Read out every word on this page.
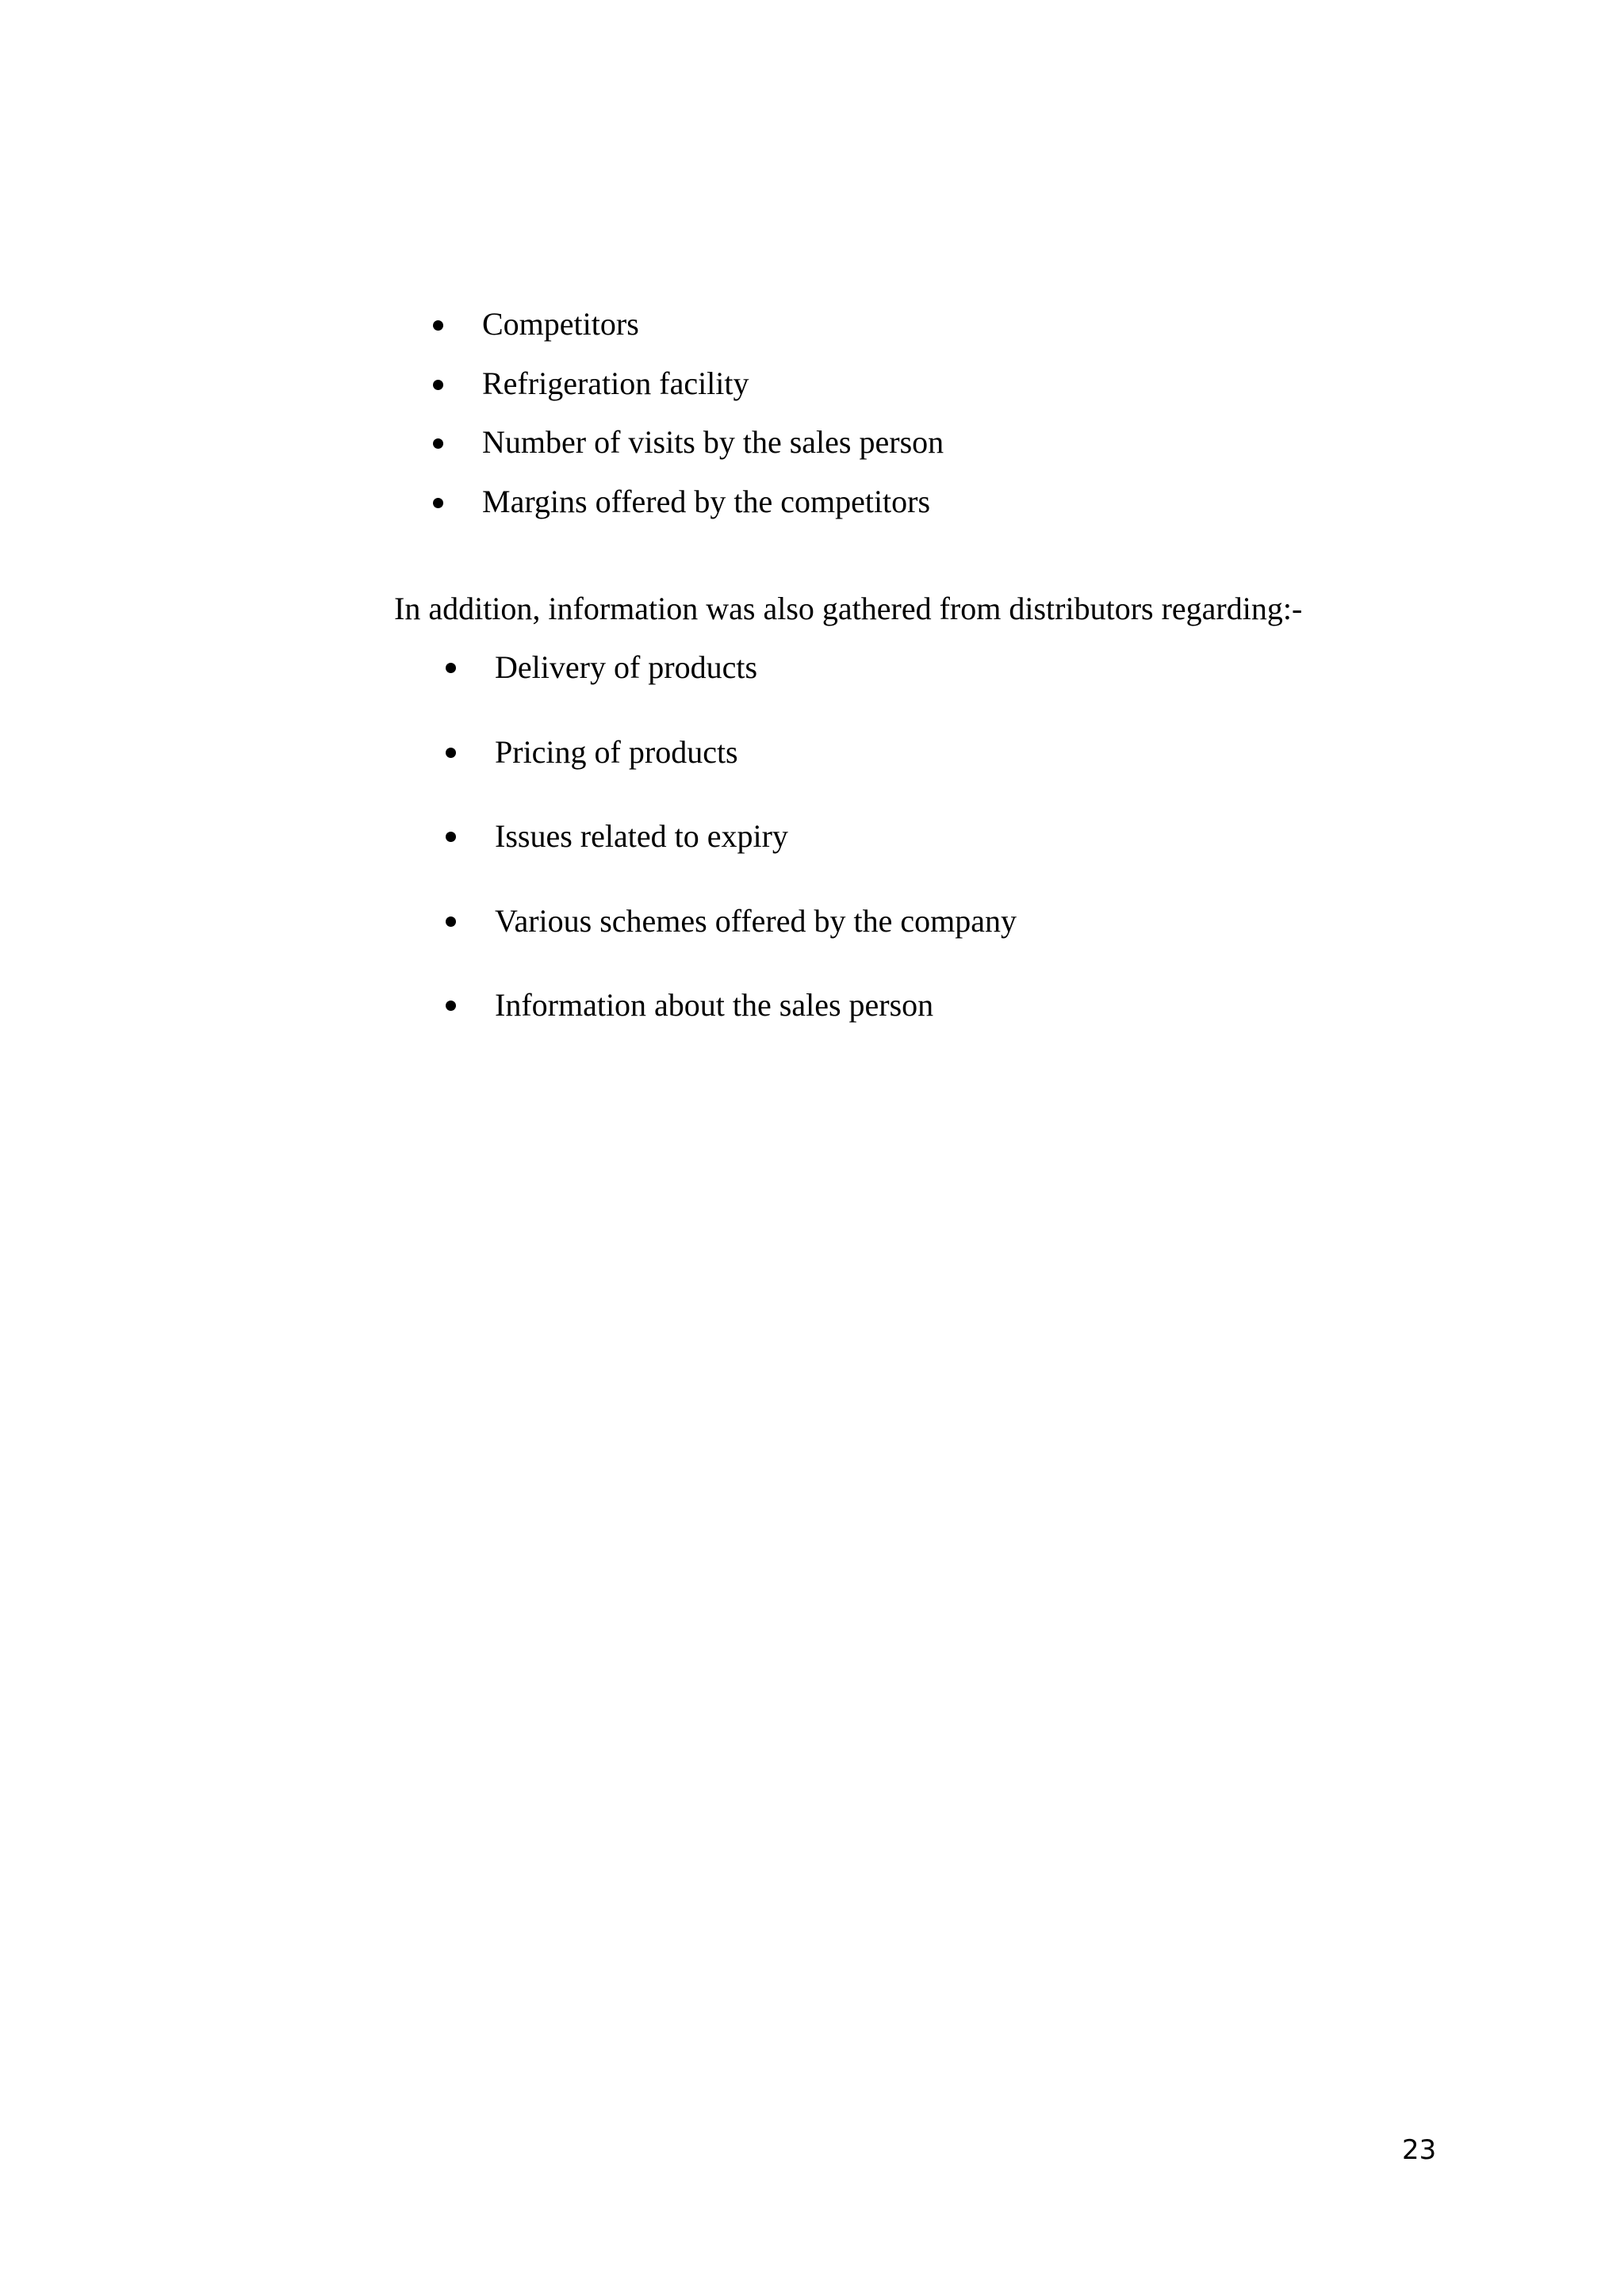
Competitors
Refrigeration facility
Number of visits by the sales person
Margins offered by the competitors

In addition, information was also gathered from distributors regarding:-

Delivery of products
Pricing of products
Issues related to expiry
Various schemes offered by the company
Information about the sales person
23
